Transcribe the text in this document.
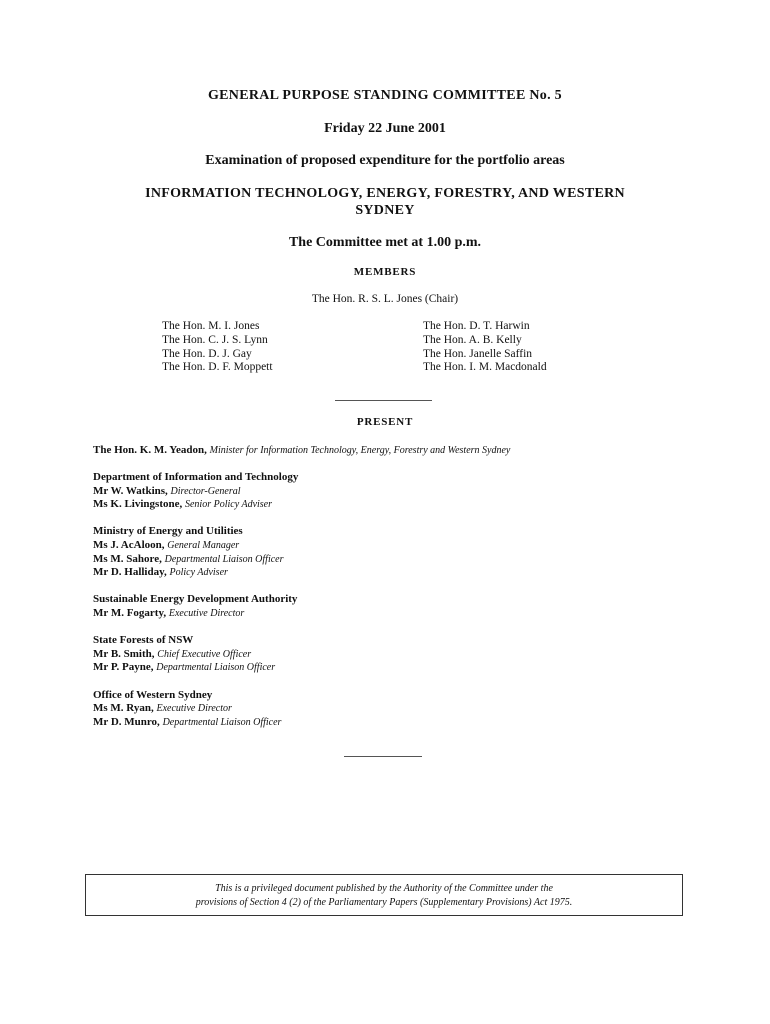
GENERAL PURPOSE STANDING COMMITTEE No. 5
Friday 22 June 2001
Examination of proposed expenditure for the portfolio areas
INFORMATION TECHNOLOGY, ENERGY, FORESTRY, AND WESTERN
SYDNEY
The Committee met at 1.00 p.m.
MEMBERS
The Hon. R. S. L. Jones (Chair)
The Hon. M. I. Jones
The Hon. C. J. S. Lynn
The Hon. D. J. Gay
The Hon. D. F. Moppett
The Hon. D. T. Harwin
The Hon. A. B. Kelly
The Hon. Janelle Saffin
The Hon. I. M. Macdonald
PRESENT
The Hon. K. M. Yeadon, Minister for Information Technology, Energy, Forestry and Western Sydney
Department of Information and Technology
Mr W. Watkins, Director-General
Ms K. Livingstone, Senior Policy Adviser
Ministry of Energy and Utilities
Ms J. AcAloon, General Manager
Ms M. Sahore, Departmental Liaison Officer
Mr D. Halliday, Policy Adviser
Sustainable Energy Development Authority
Mr M. Fogarty, Executive Director
State Forests of NSW
Mr B. Smith, Chief Executive Officer
Mr P. Payne, Departmental Liaison Officer
Office of Western Sydney
Ms M. Ryan, Executive Director
Mr D. Munro, Departmental Liaison Officer
This is a privileged document published by the Authority of the Committee under the
provisions of Section 4 (2) of the Parliamentary Papers (Supplementary Provisions) Act 1975.
